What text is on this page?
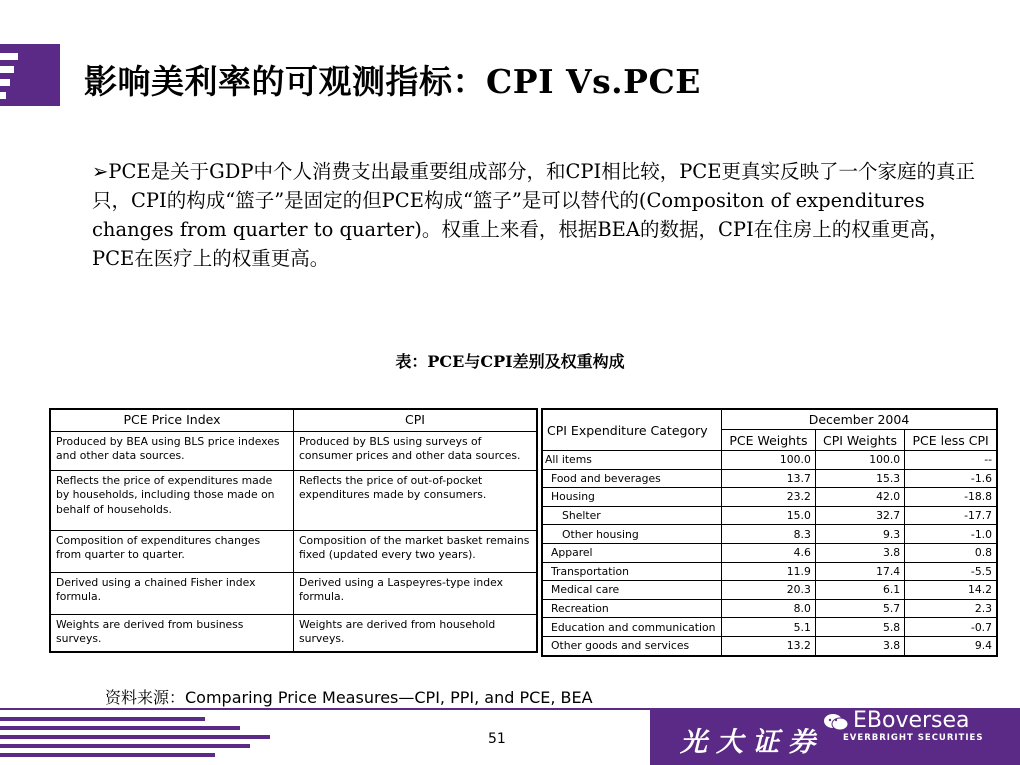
影响美利率的可观测指标：CPI Vs.PCE
➢PCE是关于GDP中个人消费支出最重要组成部分，和CPI相比较，PCE更真实反映了一个家庭的真正只，CPI的构成“篮子”是固定的但PCE构成“篮子”是可以替代的(Compositon of expenditures changes from quarter to quarter)。权重上来看，根据BEA的数据，CPI在住房上的权重更高，PCE在医疗上的权重更高。
表：PCE与CPI差别及权重构成
PCE Price Index	CPI
Produced by BEA using BLS price indexes and other data sources.	Produced by BLS using surveys of consumer prices and other data sources.
Reflects the price of expenditures made by households, including those made on behalf of households.	Reflects the price of out-of-pocket expenditures made by consumers.
Composition of expenditures changes from quarter to quarter.	Composition of the market basket remains fixed (updated every two years).
Derived using a chained Fisher index formula.	Derived using a Laspeyres-type index formula.
Weights are derived from business surveys.	Weights are derived from household surveys.
CPI Expenditure Category	December 2004		
	PCE Weights	CPI Weights	PCE less CPI
All items	100.0	100.0	--
Food and beverages	13.7	15.3	-1.6
Housing	23.2	42.0	-18.8
Shelter	15.0	32.7	-17.7
Other housing	8.3	9.3	-1.0
Apparel	4.6	3.8	0.8
Transportation	11.9	17.4	-5.5
Medical care	20.3	6.1	14.2
Recreation	8.0	5.7	2.3
Education and communication	5.1	5.8	-0.7
Other goods and services	13.2	3.8	9.4
资料来源：Comparing Price Measures—CPI, PPI, and PCE, BEA
51	光大证券
EBoversea
EVERBRIGHT SECURITIES
